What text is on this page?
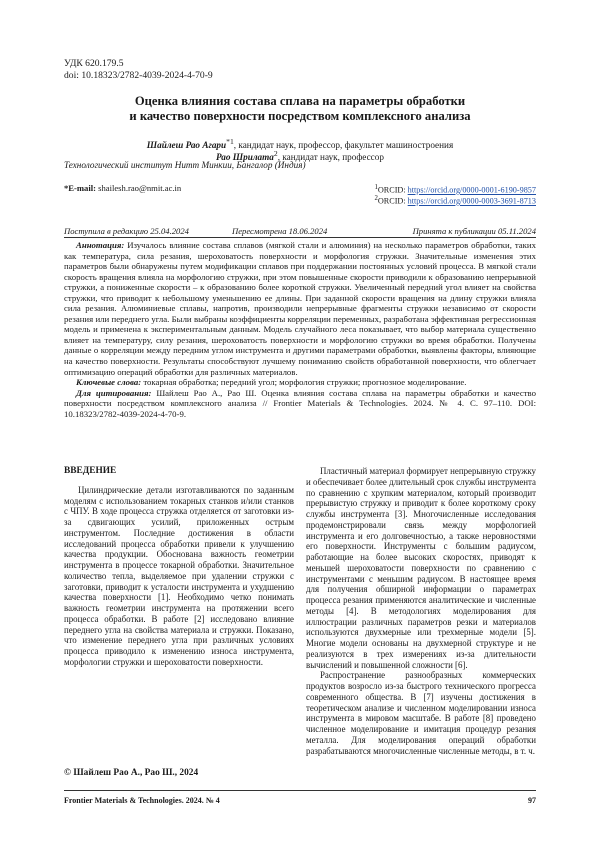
УДК 620.179.5
doi: 10.18323/2782-4039-2024-4-70-9
Оценка влияния состава сплава на параметры обработки
и качество поверхности посредством комплексного анализа
Шайлеш Рао Агари$^{*1}$, кандидат наук, профессор, факультет машиностроения
Рао Шрилата$^2$, кандидат наук, профессор
Технологический институт Нитт Минкии, Бангалор (Индия)
*E-mail: shailesh.rao@nmit.ac.in	$^1$ORCID: https://orcid.org/0000-0001-6190-9857
$^2$ORCID: https://orcid.org/0000-0003-3691-8713
Поступила в редакцию 25.04.2024	Пересмотрена 18.06.2024	Принята к публикации 05.11.2024

Аннотация: Изучалось влияние состава сплавов (мягкой стали и алюминия) на несколько параметров обработки, таких как температура, сила резания, шероховатость поверхности и морфология стружки. Значительные изменения этих параметров были обнаружены путем модификации сплавов при поддержании постоянных условий процесса. В мягкой стали скорость вращения влияла на морфологию стружки, при этом повышенные скорости приводили к образованию непрерывной стружки, а пониженные скорости – к образованию более короткой стружки. Увеличенный передний угол влияет на свойства стружки, что приводит к небольшому уменьшению ее длины. При заданной скорости вращения на длину стружки влияла сила резания. Алюминиевые сплавы, напротив, производили непрерывные фрагменты стружки независимо от скорости резания или переднего угла. Были выбраны коэффициенты корреляции переменных, разработана эффективная регрессионная модель и применена к экспериментальным данным. Модель случайного леса показывает, что выбор материала существенно влияет на температуру, силу резания, шероховатость поверхности и морфологию стружки во время обработки. Получены данные о корреляции между передним углом инструмента и другими параметрами обработки, выявлены факторы, влияющие на качество поверхности. Результаты способствуют лучшему пониманию свойств обработанной поверхности, что облегчает оптимизацию операций обработки для различных материалов.

Ключевые слова: токарная обработка; передний угол; морфология стружки; прогнозное моделирование.

Для цитирования: Шайлеш Рао А., Рао Ш. Оценка влияния состава сплава на параметры обработки и качество поверхности посредством комплексного анализа // Frontier Materials & Technologies. 2024. № 4. С. 97–110. DOI: 10.18323/2782-4039-2024-4-70-9.

ВВЕДЕНИЕ

Цилиндрические детали изготавливаются по заданным моделям с использованием токарных станков и/или станков с ЧПУ. В ходе процесса стружка отделяется от заготовки из-за сдвигающих усилий, приложенных острым инструментом. Последние достижения в области исследований процесса обработки привели к улучшению качества продукции. Обоснована важность геометрии инструмента в процессе токарной обработки. Значительное количество тепла, выделяемое при удалении стружки с заготовки, приводит к усталости инструмента и ухудшению качества поверхности [1]. Необходимо четко понимать важность геометрии инструмента на протяжении всего процесса обработки. В работе [2] исследовано влияние переднего угла на свойства материала и стружки. Показано, что изменение переднего угла при различных условиях процесса приводило к изменению износа инструмента, морфологии стружки и шероховатости поверхности.

Пластичный материал формирует непрерывную стружку и обеспечивает более длительный срок службы инструмента по сравнению с хрупким материалом, который производит прерывистую стружку и приводит к более короткому сроку службы инструмента [3]. Многочисленные исследования продемонстрировали связь между морфологией инструмента и его долговечностью, а также неровностями его поверхности. Инструменты с большим радиусом, работающие на более высоких скоростях, приводят к меньшей шероховатости поверхности по сравнению с инструментами с меньшим радиусом. В настоящее время для получения обширной информации о параметрах процесса резания применяются аналитические и численные методы [4]. В методологиях моделирования для иллюстрации различных параметров резки и материалов используются двухмерные или трехмерные модели [5]. Многие модели основаны на двухмерной структуре и не реализуются в трех измерениях из-за длительности вычислений и повышенной сложности [6].

Распространение разнообразных коммерческих продуктов возросло из-за быстрого технического прогресса современного общества. В [7] изучены достижения в теоретическом анализе и численном моделировании износа инструмента в мировом масштабе. В работе [8] проведено численное моделирование и имитация процедур резания металла. Для моделирования операций обработки разрабатываются многочисленные численные методы, в т. ч.

© Шайлеш Рао А., Рао Ш., 2024
Frontier Materials & Technologies. 2024. № 4	97
